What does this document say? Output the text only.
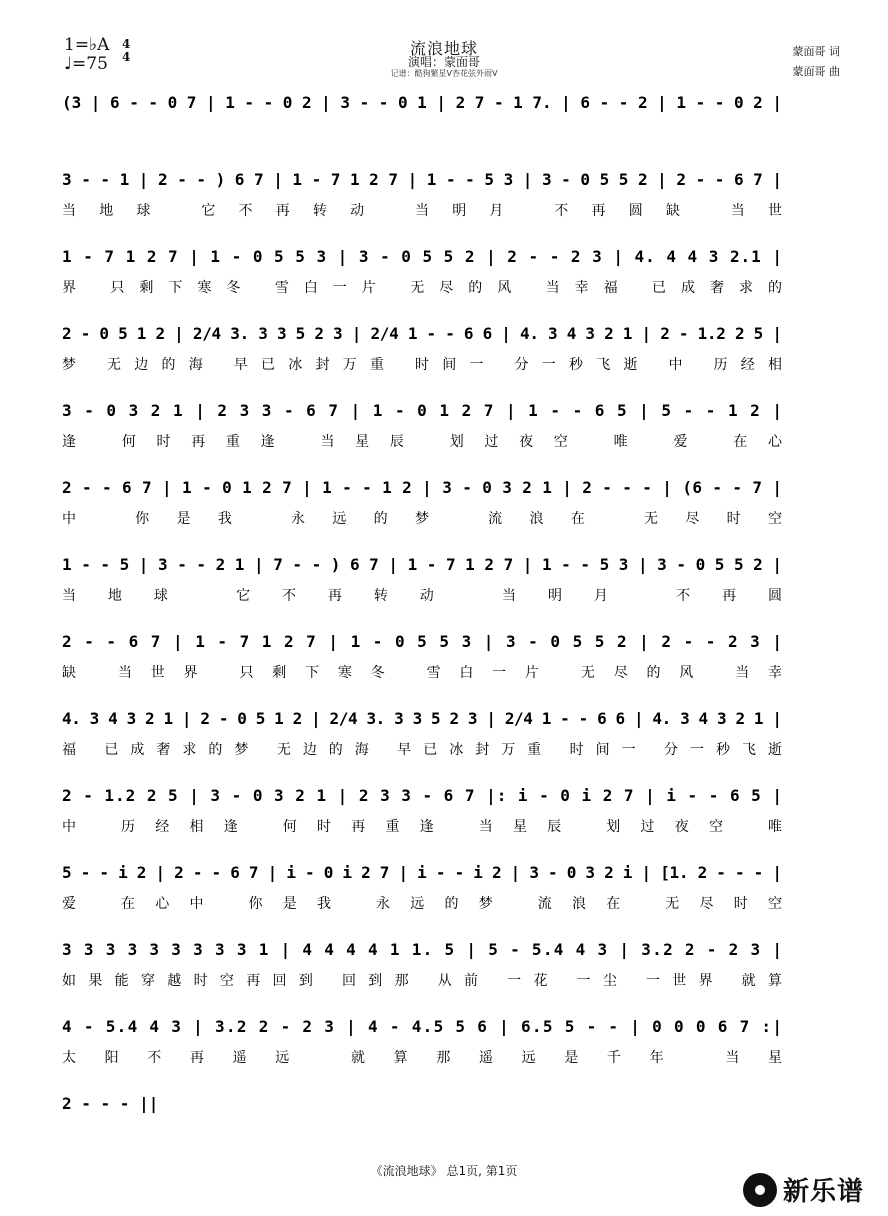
1=♭A
♩=75
4
4	流浪地球
演唱：蒙面哥
记谱：酷狗繁星V杏花弦外雨V
蒙面哥 词
蒙面哥 曲
(3 | 6 - - 0 7 | 1 - - 0 2 | 3 - - 0 1 | 2 7 - 1 7. | 6 - - 2 | 1 - - 0 2 |
3 - - 1 | 2 - - ) 6 7 | 1 - 7 1 2 7 | 1 - - 5 3 | 3 - 0 5 5 2 | 2 - - 6 7 |
当地球 它不再转动 当明月 不再圆缺 当世
1 - 7 1 2 7 | 1 - 0 5 5 3 | 3 - 0 5 5 2 | 2 - - 2 3 | 4. 4 4 3 2.1 |
界 只剩下寒冬 雪白一片 无尽的风 当幸福 已成奢求的
2 - 0 5 1 2 | 2/4 3. 3 3 5 2 3 | 2/4 1 - - 6 6 | 4. 3 4 3 2 1 | 2 - 1.2 2 5 |
梦 无边的海 早已冰封万重 时间一 分一秒飞逝 中 历经相
3 - 0 3 2 1 | 2 3 3 - 6 7 | 1 - 0 1 2 7 | 1 - - 6 5 | 5 - - 1 2 |
逢 何时再重逢 当星辰 划过夜空 唯 爱 在心
2 - - 6 7 | 1 - 0 1 2 7 | 1 - - 1 2 | 3 - 0 3 2 1 | 2 - - - | (6 - - 7 |
中 你是我 永远的梦 流浪在 无尽时空
1 - - 5 | 3 - - 2 1 | 7 - - ) 6 7 | 1 - 7 1 2 7 | 1 - - 5 3 | 3 - 0 5 5 2 |
当地球 它不再转动 当明月 不再圆
2 - - 6 7 | 1 - 7 1 2 7 | 1 - 0 5 5 3 | 3 - 0 5 5 2 | 2 - - 2 3 |
缺 当世界 只剩下寒冬 雪白一片 无尽的风 当幸
4. 3 4 3 2 1 | 2 - 0 5 1 2 | 2/4 3. 3 3 5 2 3 | 2/4 1 - - 6 6 | 4. 3 4 3 2 1 |
福 已成奢求的梦 无边的海 早已冰封万重 时间一 分一秒飞逝
2 - 1.2 2 5 | 3 - 0 3 2 1 | 2 3 3 - 6 7 |: i - 0 i 2 7 | i - - 6 5 |
中 历经相逢 何时再重逢 当星辰 划过夜空 唯
5 - - i 2 | 2 - - 6 7 | i - 0 i 2 7 | i - - i 2 | 3 - 0 3 2 i | [1. 2 - - - |
爱 在心中 你是我 永远的梦 流浪在 无尽时空
3 3 3 3 3 3 3 3 3 1 | 4 4 4 4 1 1. 5 | 5 - 5.4 4 3 | 3.2 2 - 2 3 |
如果能穿越时空再回到 回到那 从前 一花 一尘 一世界 就算
4 - 5.4 4 3 | 3.2 2 - 2 3 | 4 - 4.5 5 6 | 6.5 5 - - | 0 0 0 6 7 :|
太阳不再遥远 就算那遥远是千年 当星
2 - - - ||
《流浪地球》 总1页, 第1页
新乐谱
